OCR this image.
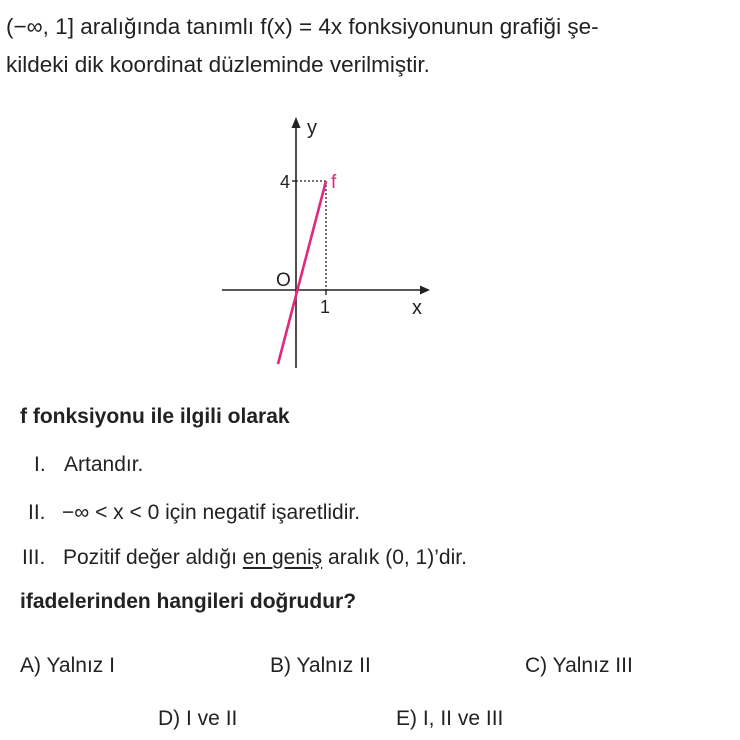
(−∞, 1] aralığında tanımlı f(x) = 4x fonksiyonunun grafiği şe-
kildeki dik koordinat düzleminde verilmiştir.

y
x
O
4
1
f
f fonksiyonu ile ilgili olarak
I. Artandır.
II. −∞ < x < 0 için negatif işaretlidir.
III. Pozitif değer aldığı en geniş aralık (0, 1)’dir.
ifadelerinden hangileri doğrudur?
A) Yalnız I	B) Yalnız II	C) Yalnız III
D) I ve II	E) I, II ve III
